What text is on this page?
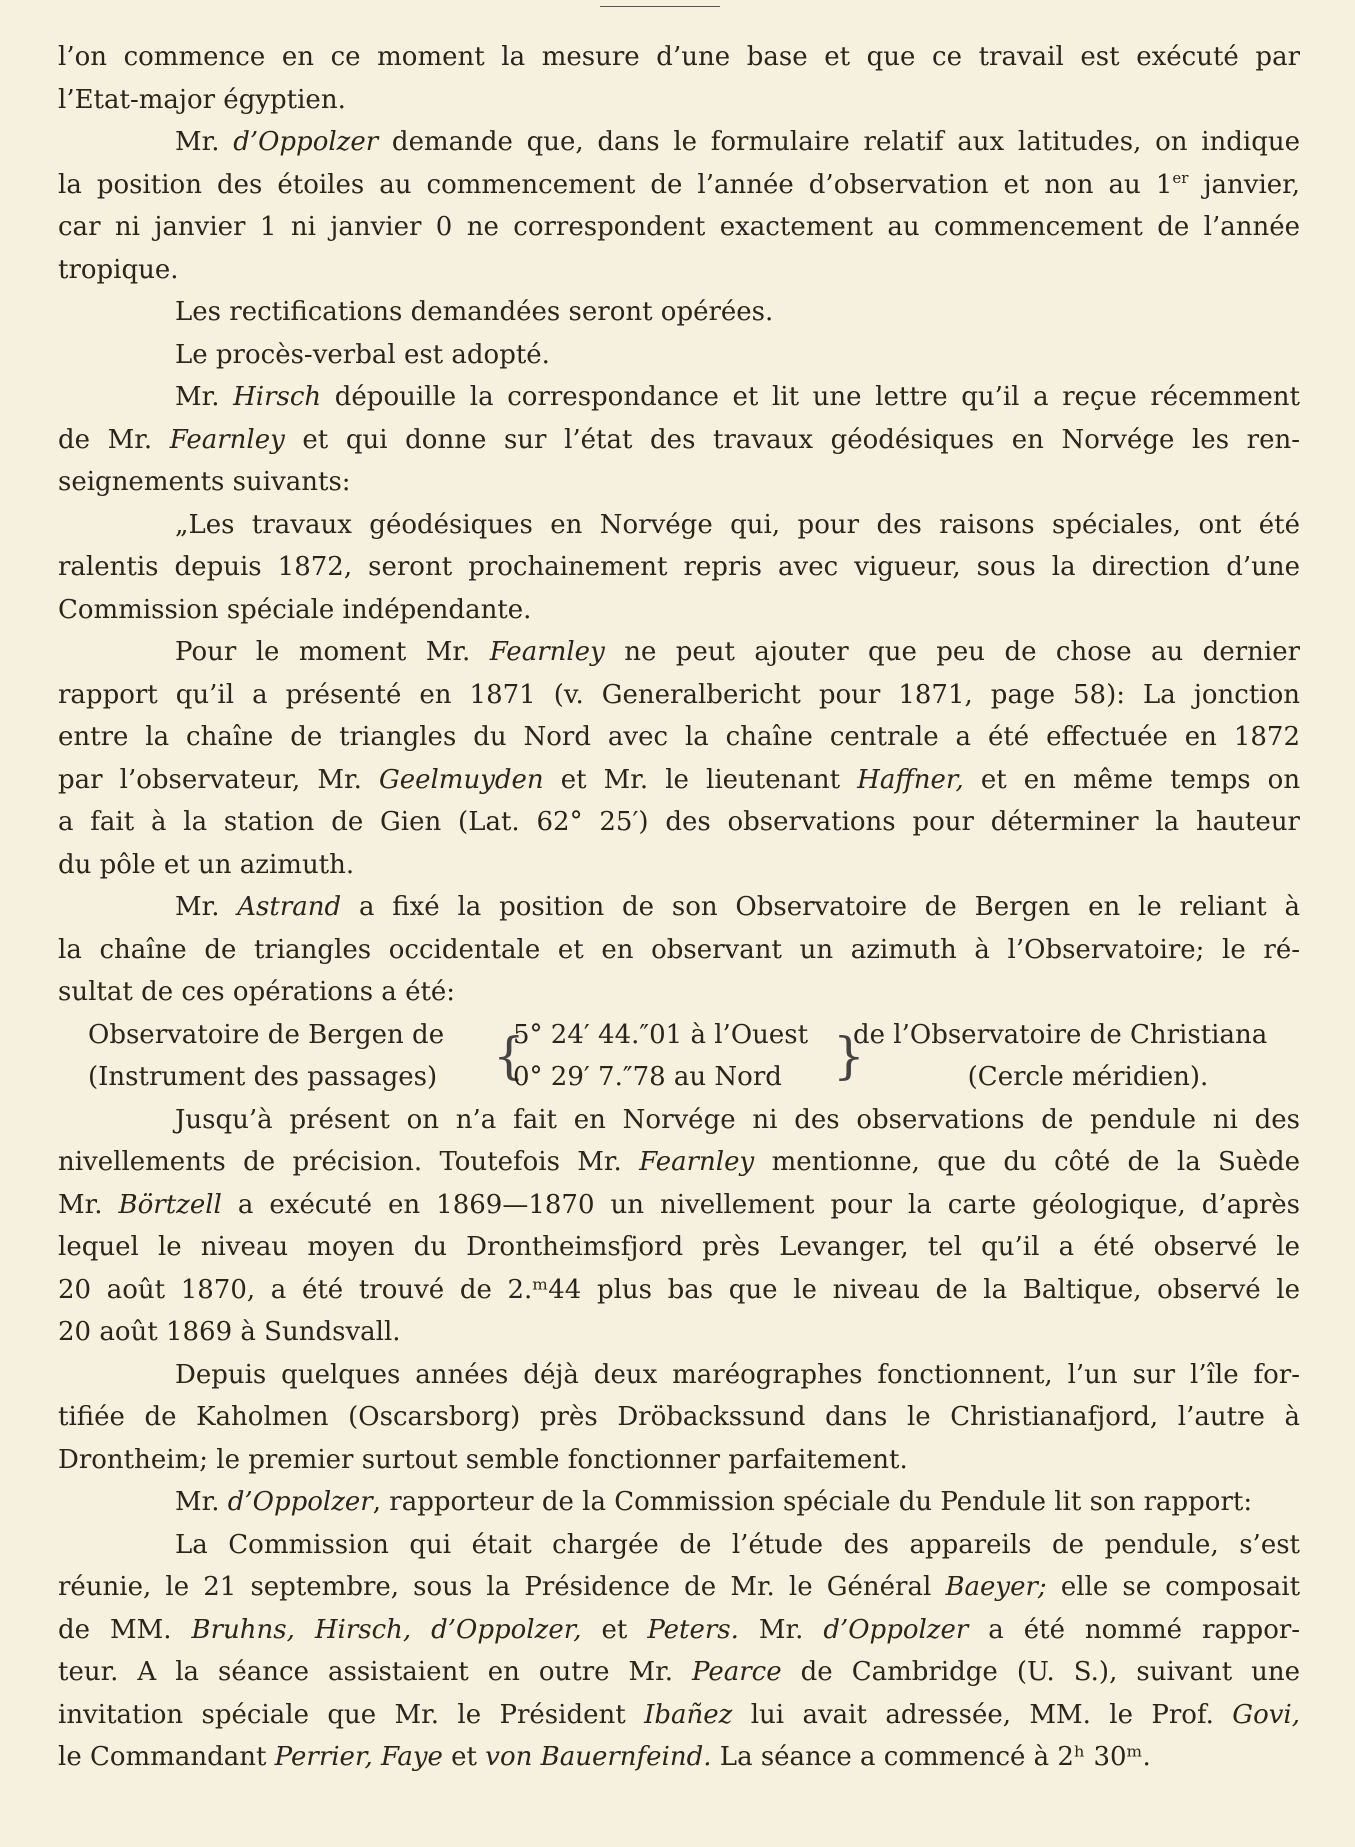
l’on commence en ce moment la mesure d’une base et que ce travail est exécuté par
l’Etat-major égyptien.
Mr. d’Oppolzer demande que, dans le formulaire relatif aux latitudes, on indique
la position des étoiles au commencement de l’année d’observation et non au 1er janvier,
car ni janvier 1 ni janvier 0 ne correspondent exactement au commencement de l’année
tropique.
Les rectifications demandées seront opérées.
Le procès-verbal est adopté.
Mr. Hirsch dépouille la correspondance et lit une lettre qu’il a reçue récemment
de Mr. Fearnley et qui donne sur l’état des travaux géodésiques en Norvége les ren-
seignements suivants:
„Les travaux géodésiques en Norvége qui, pour des raisons spéciales, ont été
ralentis depuis 1872, seront prochainement repris avec vigueur, sous la direction d’une
Commission spéciale indépendante.
Pour le moment Mr. Fearnley ne peut ajouter que peu de chose au dernier
rapport qu’il a présenté en 1871 (v. Generalbericht pour 1871, page 58): La jonction
entre la chaîne de triangles du Nord avec la chaîne centrale a été effectuée en 1872
par l’observateur, Mr. Geelmuyden et Mr. le lieutenant Haffner, et en même temps on
a fait à la station de Gien (Lat. 62° 25′) des observations pour déterminer la hauteur
du pôle et un azimuth.
Mr. Astrand a fixé la position de son Observatoire de Bergen en le reliant à
la chaîne de triangles occidentale et en observant un azimuth à l’Observatoire; le ré-
sultat de ces opérations a été:
Observatoire de Bergen de {
5° 24′ 44.″01 à l’Ouest }
de l’Observatoire de Christiana
(Instrument des passages)	0° 29′ 7.″78 au Nord	(Cercle méridien).
Jusqu’à présent on n’a fait en Norvége ni des observations de pendule ni des
nivellements de précision. Toutefois Mr. Fearnley mentionne, que du côté de la Suède
Mr. Börtzell a exécuté en 1869—1870 un nivellement pour la carte géologique, d’après
lequel le niveau moyen du Drontheimsfjord près Levanger, tel qu’il a été observé le
20 août 1870, a été trouvé de 2.ᵐ44 plus bas que le niveau de la Baltique, observé le
20 août 1869 à Sundsvall.
Depuis quelques années déjà deux maréographes fonctionnent, l’un sur l’île for-
tifiée de Kaholmen (Oscarsborg) près Dröbackssund dans le Christianafjord, l’autre à
Drontheim; le premier surtout semble fonctionner parfaitement.
Mr. d’Oppolzer, rapporteur de la Commission spéciale du Pendule lit son rapport:
La Commission qui était chargée de l’étude des appareils de pendule, s’est
réunie, le 21 septembre, sous la Présidence de Mr. le Général Baeyer; elle se composait
de MM. Bruhns, Hirsch, d’Oppolzer, et Peters. Mr. d’Oppolzer a été nommé rappor-
teur. A la séance assistaient en outre Mr. Pearce de Cambridge (U. S.), suivant une
invitation spéciale que Mr. le Président Ibañez lui avait adressée, MM. le Prof. Govi,
le Commandant Perrier, Faye et von Bauernfeind. La séance a commencé à 2ʰ 30ᵐ.
